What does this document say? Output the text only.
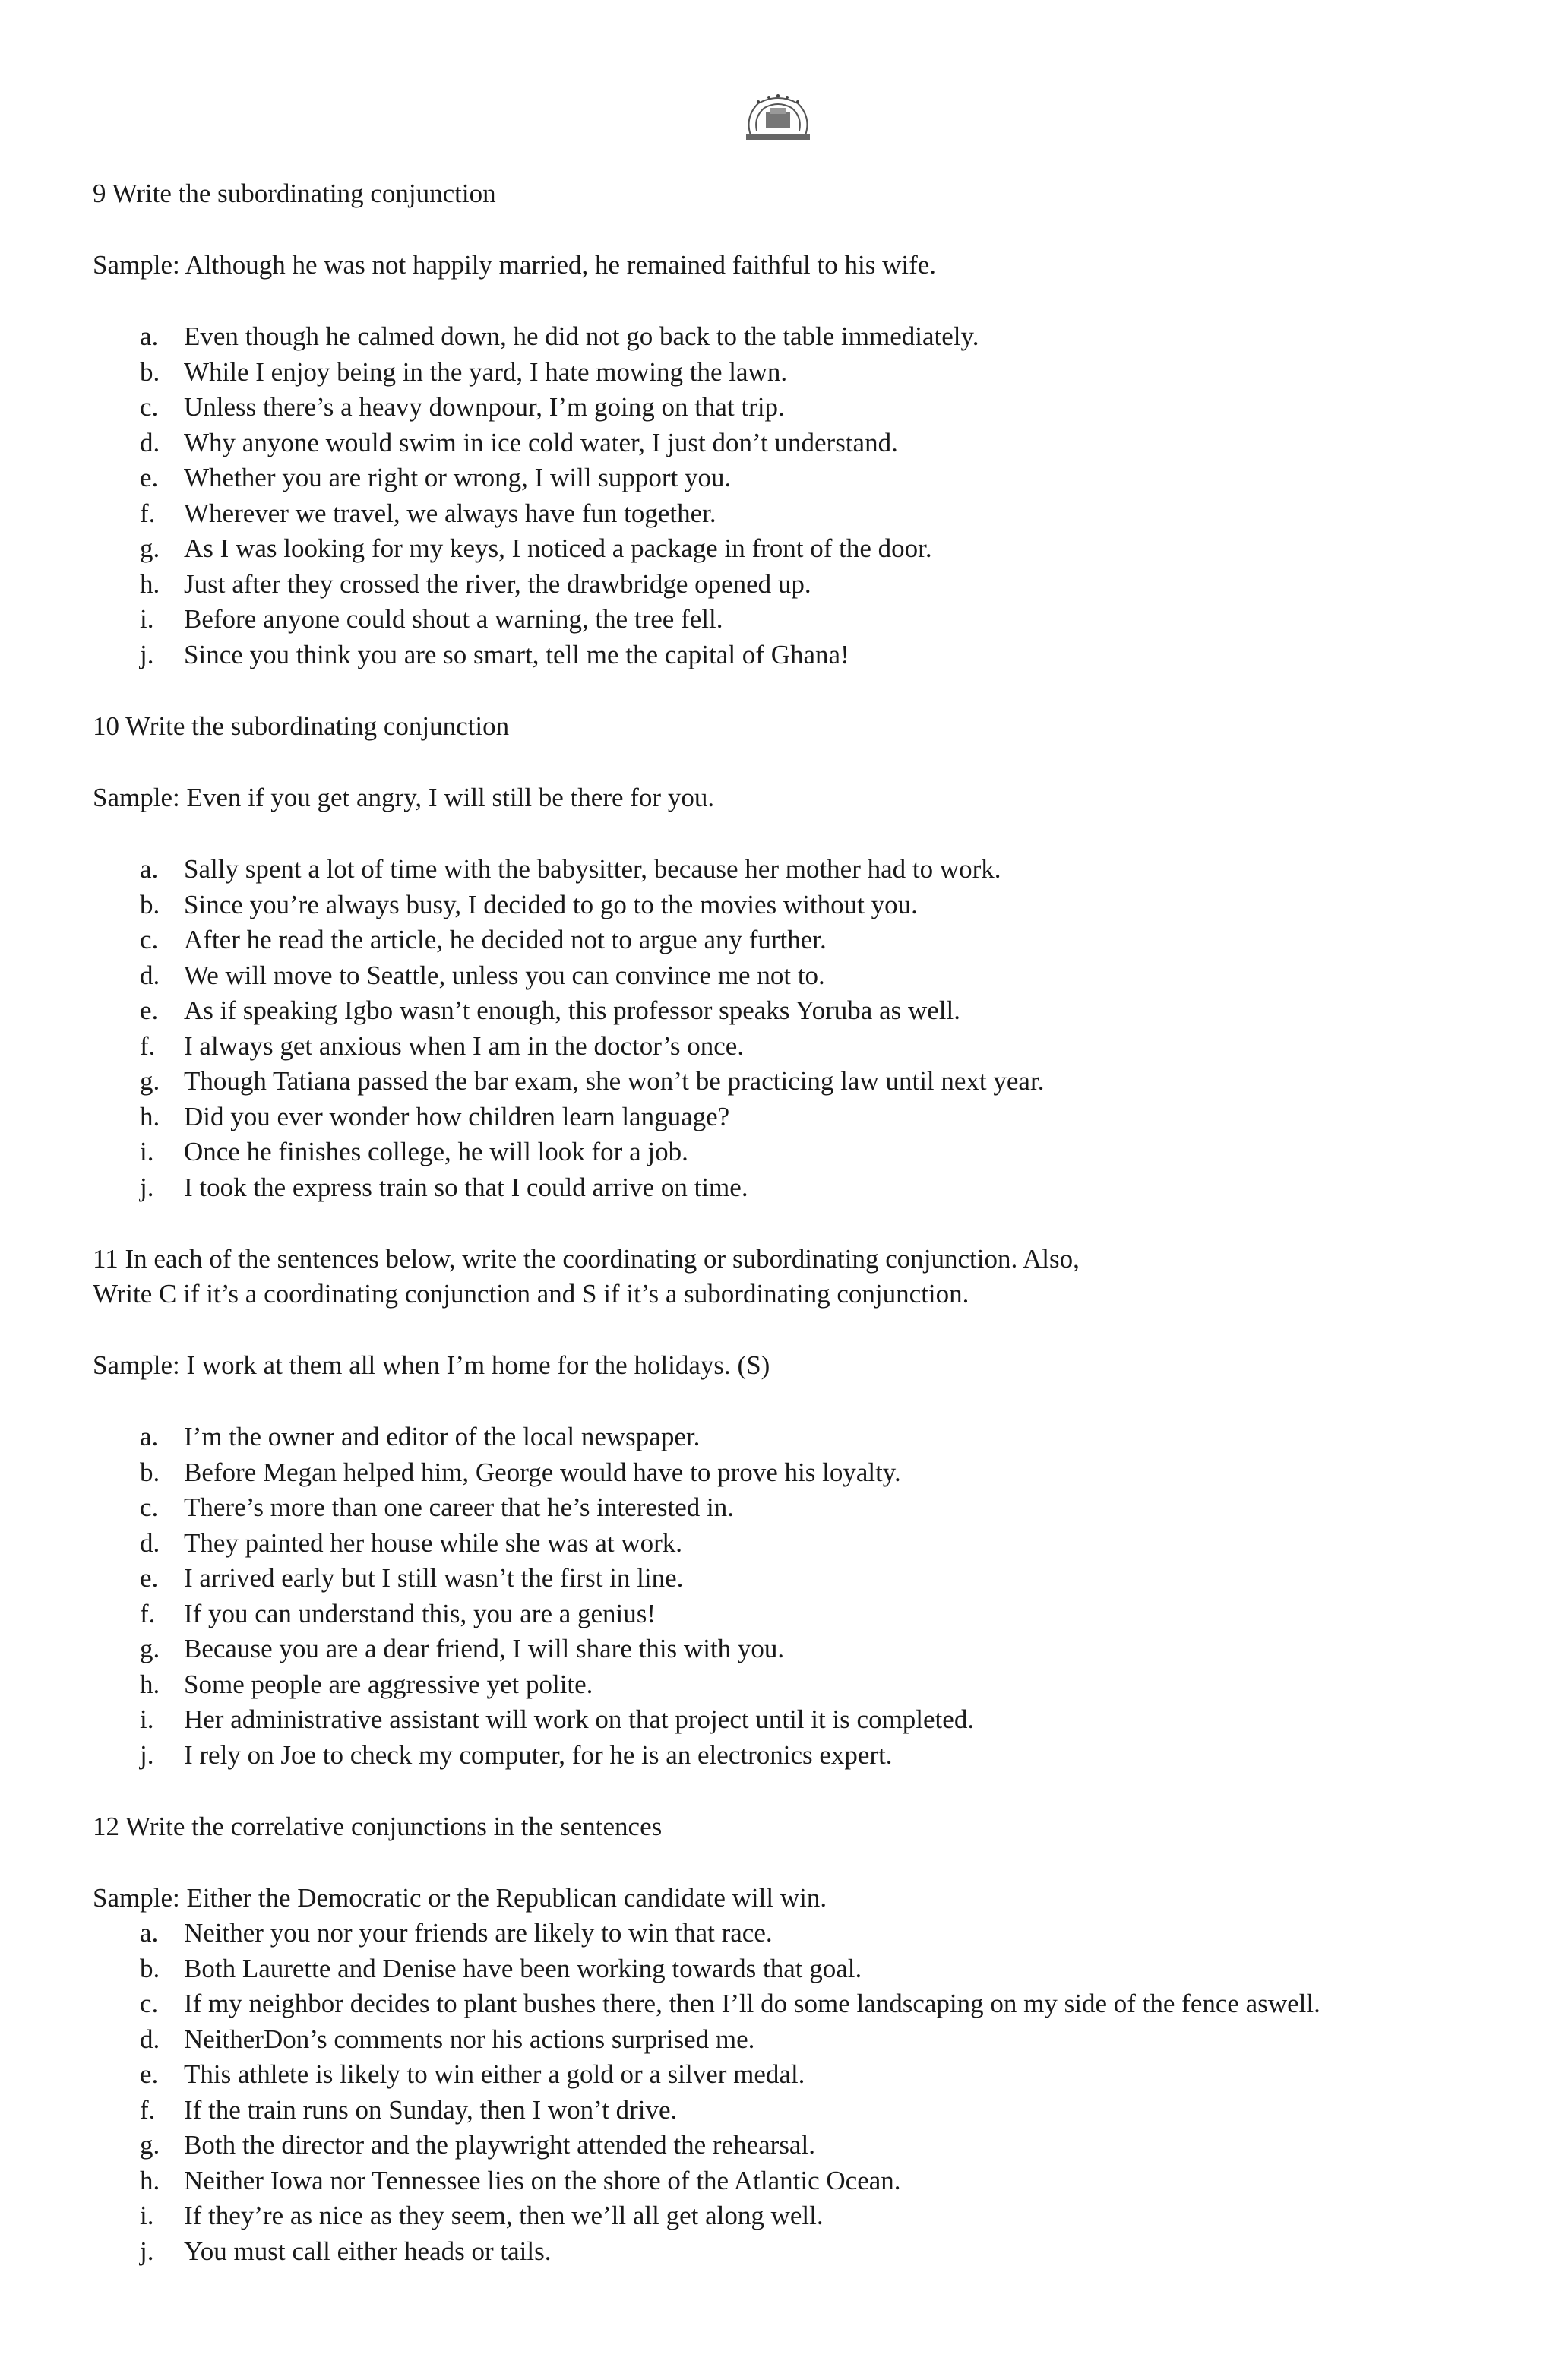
9 Write the subordinating conjunction
Sample: Although he was not happily married, he remained faithful to his wife.
a. Even though he calmed down, he did not go back to the table immediately.
b. While I enjoy being in the yard, I hate mowing the lawn.
c. Unless there’s a heavy downpour, I’m going on that trip.
d. Why anyone would swim in ice cold water, I just don’t understand.
e. Whether you are right or wrong, I will support you.
f.	Wherever we travel, we always have fun together.
g. As I was looking for my keys, I noticed a package in front of the door.
h. Just after they crossed the river, the drawbridge opened up.
i.	Before anyone could shout a warning, the tree fell.
j.	Since you think you are so smart, tell me the capital of Ghana!
10 Write the subordinating conjunction
Sample: Even if you get angry, I will still be there for you.
a. Sally spent a lot of time with the babysitter, because her mother had to work.
b. Since you’re always busy, I decided to go to the movies without you.
c. After he read the article, he decided not to argue any further.
d. We will move to Seattle, unless you can convince me not to.
e. As if speaking Igbo wasn’t enough, this professor speaks Yoruba as well.
f.	I always get anxious when I am in the doctor’s once.
g. Though Tatiana passed the bar exam, she won’t be practicing law until next year.
h. Did you ever wonder how children learn language?
i.	Once he finishes college, he will look for a job.
j.	I took the express train so that I could arrive on time.
11 In each of the sentences below, write the coordinating or subordinating conjunction. Also,
Write C if it’s a coordinating conjunction and S if it’s a subordinating conjunction.
Sample: I work at them all when I’m home for the holidays. (S)
a. I’m the owner and editor of the local newspaper.
b. Before Megan helped him, George would have to prove his loyalty.
c. There’s more than one career that he’s interested in.
d. They painted her house while she was at work.
e. I arrived early but I still wasn’t the first in line.
f.	If you can understand this, you are a genius!
g. Because you are a dear friend, I will share this with you.
h. Some people are aggressive yet polite.
i.	Her administrative assistant will work on that project until it is completed.
j.	I rely on Joe to check my computer, for he is an electronics expert.
12 Write the correlative conjunctions in the sentences
Sample: Either the Democratic or the Republican candidate will win.
a. Neither you nor your friends are likely to win that race.
b. Both Laurette and Denise have been working towards that goal.
c. If my neighbor decides to plant bushes there, then I’ll do some landscaping on my side of the fence aswell.
d. NeitherDon’s comments nor his actions surprised me.
e. This athlete is likely to win either a gold or a silver medal.
f.	If the train runs on Sunday, then I won’t drive.
g. Both the director and the playwright attended the rehearsal.
h. Neither Iowa nor Tennessee lies on the shore of the Atlantic Ocean.
i.	If they’re as nice as they seem, then we’ll all get along well.
j.	You must call either heads or tails.
